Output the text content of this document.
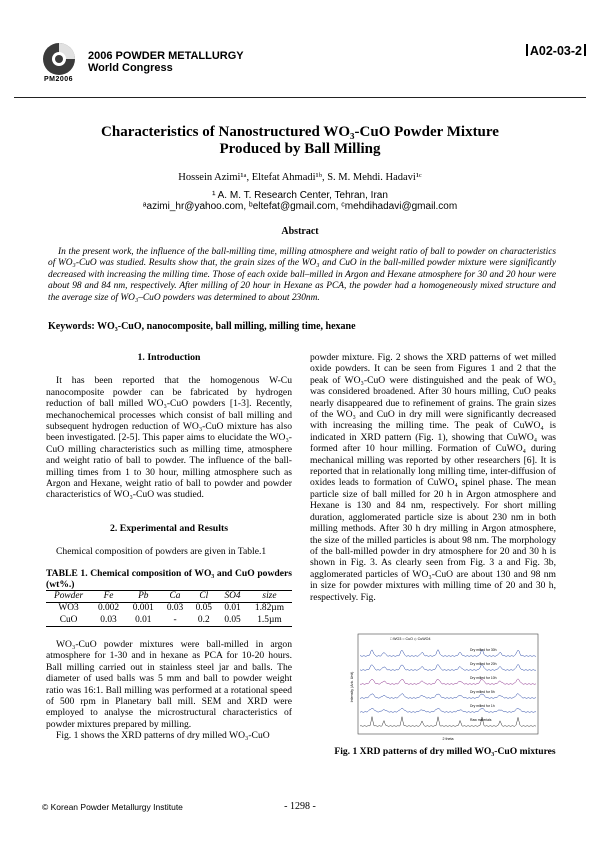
PM2006
2006 POWDER METALLURGY
World Congress
A02-03-2
Characteristics of Nanostructured WO₃-CuO Powder Mixture
Produced by Ball Milling
Hossein Azimi¹ᵃ, Eltefat Ahmadi¹ᵇ, S. M. Mehdi. Hadavi¹ᶜ
¹ A. M. T. Research Center, Tehran, Iran
ᵃazimi_hr@yahoo.com, ᵇeltefat@gmail.com, ᶜmehdihadavi@gmail.com
Abstract
In the present work, the influence of the ball-milling time, milling atmosphere and weight ratio of ball to powder on characteristics of WO₃-CuO was studied. Results show that, the grain sizes of the WO₃ and CuO in the ball-milled powder mixture were significantly decreased with increasing the milling time. Those of each oxide ball–milled in Argon and Hexane atmosphere for 30 and 20 hour were about 98 and 84 nm, respectively. After milling of 20 hour in Hexane as PCA, the powder had a homogeneously mixed structure and the average size of WO₃–CuO powders was determined to about 230nm.
Keywords: WO₃-CuO, nanocomposite, ball milling, milling time, hexane
1. Introduction

It has been reported that the homogenous W-Cu nanocomposite powder can be fabricated by hydrogen reduction of ball milled WO₃-CuO powders [1-3]. Recently, mechanochemical processes which consist of ball milling and subsequent hydrogen reduction of WO₃-CuO mixture has also been investigated. [2-5]. This paper aims to elucidate the WO₃-CuO milling characteristics such as milling time, atmosphere and weight ratio of ball to powder. The influence of the ball-milling times from 1 to 30 hour, milling atmosphere such as Argon and Hexane, weight ratio of ball to powder and powder characteristics of WO₃-CuO was studied.

2. Experimental and Results

Chemical composition of powders are given in Table.1

TABLE 1. Chemical composition of WO₃ and CuO powders (wt%.)
Powder	Fe	Pb	Ca	Cl	SO4	size
WO3	0.002	0.001	0.03	0.05	0.01	1.82µm
CuO	0.03	0.01	-	0.2	0.05	1.5µm

WO₃-CuO powder mixtures were ball-milled in argon atmosphere for 1-30 and in hexane as PCA for 10-20 hours. Ball milling carried out in stainless steel jar and balls. The diameter of used balls was 5 mm and ball to powder weight ratio was 16:1. Ball milling was performed at a rotational speed of 500 rpm in Planetary ball mill. SEM and XRD were employed to analyse the microstructural characteristics of powder mixtures prepared by milling.

Fig. 1 shows the XRD patterns of dry milled WO₃-CuO

powder mixture. Fig. 2 shows the XRD patterns of wet milled oxide powders. It can be seen from Figures 1 and 2 that the peak of WO₃-CuO were distinguished and the peak of WO₃ was considered broadened. After 30 hours milling, CuO peaks nearly disappeared due to refinement of grains. The grain sizes of the WO₃ and CuO in dry mill were significantly decreased with increasing the milling time. The peak of CuWO₄ is indicated in XRD pattern (Fig. 1), showing that CuWO₄ was formed after 10 hour milling. Formation of CuWO₄ during mechanical milling was reported by other researchers [6]. It is reported that in relationally long milling time, inter-diffusion of oxides leads to formation of CuWO₄ spinel phase. The mean particle size of ball milled for 20 h in Argon atmosphere and Hexane is 130 and 84 nm, respectively. For short milling duration, agglomerated particle size is about 230 nm in both milling methods. After 30 h dry milling in Argon atmosphere, the size of the milled particles is about 98 nm. The morphology of the ball-milled powder in dry atmosphere for 20 and 30 h is shown in Fig. 3. As clearly seen from Fig. 3 a and Fig. 3b, agglomerated particles of WO₃-CuO are about 130 and 98 nm in size for powder mixtures with milling time of 20 and 30 h, respectively. Fig.

□ WO3 ○ CuO ◇ CuWO4
Intensity (Arb. Unit)
2 theta
Dry milled for 30h
Dry milled for 20h
Dry milled for 10h
Dry milled for 5h
Dry milled for 1h
Raw materials
Fig. 1 XRD patterns of dry milled WO₃-CuO mixtures
© Korean Powder Metallurgy Institute	- 1298 -
